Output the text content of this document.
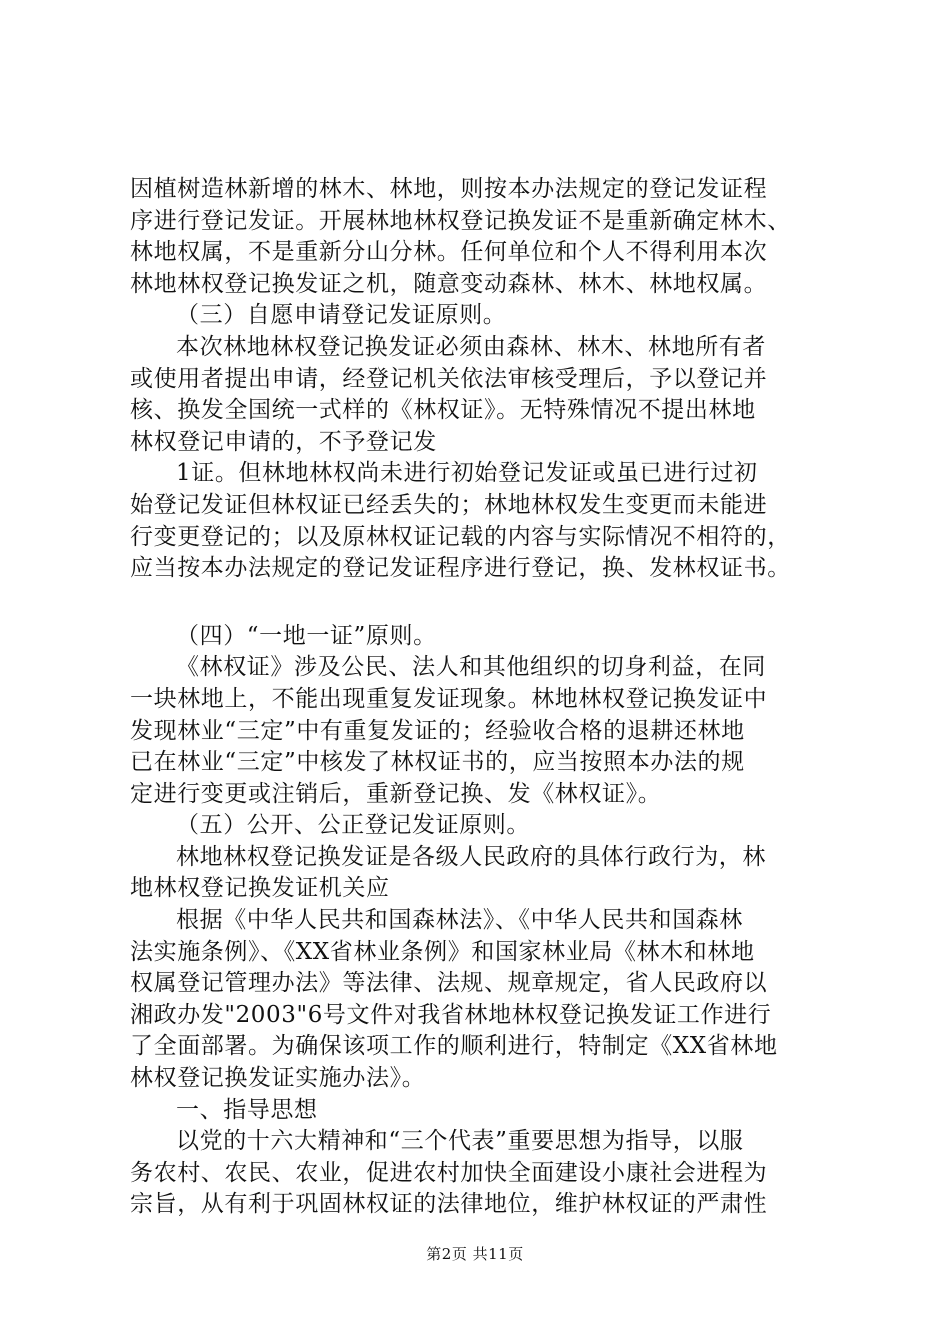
因植树造林新增的林木、林地，则按本办法规定的登记发证程
序进行登记发证。开展林地林权登记换发证不是重新确定林木、
林地权属，不是重新分山分林。任何单位和个人不得利用本次
林地林权登记换发证之机，随意变动森林、林木、林地权属。
（三）自愿申请登记发证原则。
本次林地林权登记换发证必须由森林、林木、林地所有者
或使用者提出申请，经登记机关依法审核受理后，予以登记并
核、换发全国统一式样的《林权证》。无特殊情况不提出林地
林权登记申请的，不予登记发
1证。但林地林权尚未进行初始登记发证或虽已进行过初
始登记发证但林权证已经丢失的；林地林权发生变更而未能进
行变更登记的；以及原林权证记载的内容与实际情况不相符的，
应当按本办法规定的登记发证程序进行登记，换、发林权证书。
（四）“一地一证”原则。
《林权证》涉及公民、法人和其他组织的切身利益，在同
一块林地上，不能出现重复发证现象。林地林权登记换发证中
发现林业“三定”中有重复发证的；经验收合格的退耕还林地
已在林业“三定”中核发了林权证书的，应当按照本办法的规
定进行变更或注销后，重新登记换、发《林权证》。
（五）公开、公正登记发证原则。
林地林权登记换发证是各级人民政府的具体行政行为，林
地林权登记换发证机关应
根据《中华人民共和国森林法》、《中华人民共和国森林
法实施条例》、《XX省林业条例》和国家林业局《林木和林地
权属登记管理办法》等法律、法规、规章规定，省人民政府以
湘政办发"2003"6号文件对我省林地林权登记换发证工作进行
了全面部署。为确保该项工作的顺利进行，特制定《XX省林地
林权登记换发证实施办法》。
一、指导思想
以党的十六大精神和“三个代表”重要思想为指导，以服
务农村、农民、农业，促进农村加快全面建设小康社会进程为
宗旨，从有利于巩固林权证的法律地位，维护林权证的严肃性
第2页 共11页
